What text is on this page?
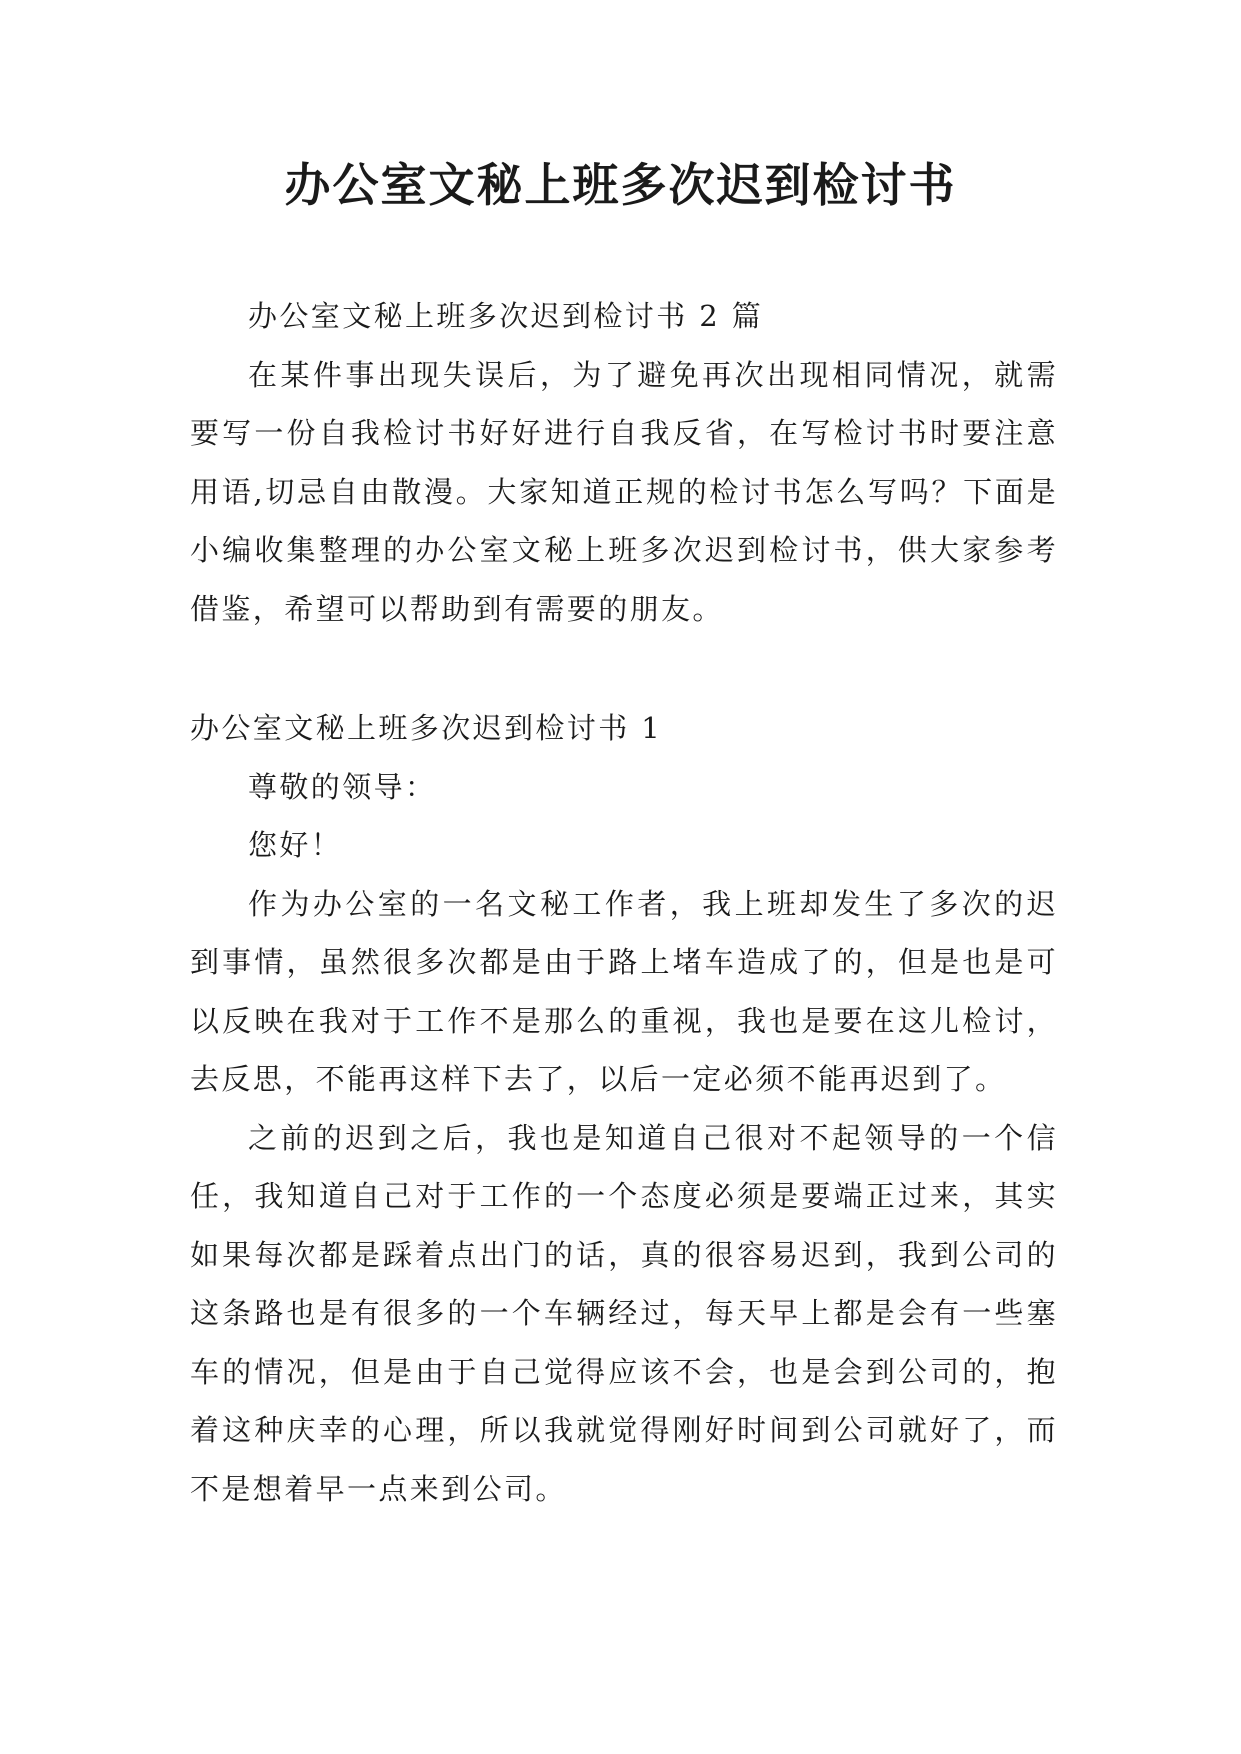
办公室文秘上班多次迟到检讨书

办公室文秘上班多次迟到检讨书 2 篇

在某件事出现失误后，为了避免再次出现相同情况，就需要写一份自我检讨书好好进行自我反省，在写检讨书时要注意用语,切忌自由散漫。大家知道正规的检讨书怎么写吗？下面是小编收集整理的办公室文秘上班多次迟到检讨书，供大家参考借鉴，希望可以帮助到有需要的朋友。

办公室文秘上班多次迟到检讨书 1

尊敬的领导：

您好！

作为办公室的一名文秘工作者，我上班却发生了多次的迟到事情，虽然很多次都是由于路上堵车造成了的，但是也是可以反映在我对于工作不是那么的重视，我也是要在这儿检讨，去反思，不能再这样下去了，以后一定必须不能再迟到了。

之前的迟到之后，我也是知道自己很对不起领导的一个信任，我知道自己对于工作的一个态度必须是要端正过来，其实如果每次都是踩着点出门的话，真的很容易迟到，我到公司的这条路也是有很多的一个车辆经过，每天早上都是会有一些塞车的情况，但是由于自己觉得应该不会，也是会到公司的，抱着这种庆幸的心理，所以我就觉得刚好时间到公司就好了，而不是想着早一点来到公司。
